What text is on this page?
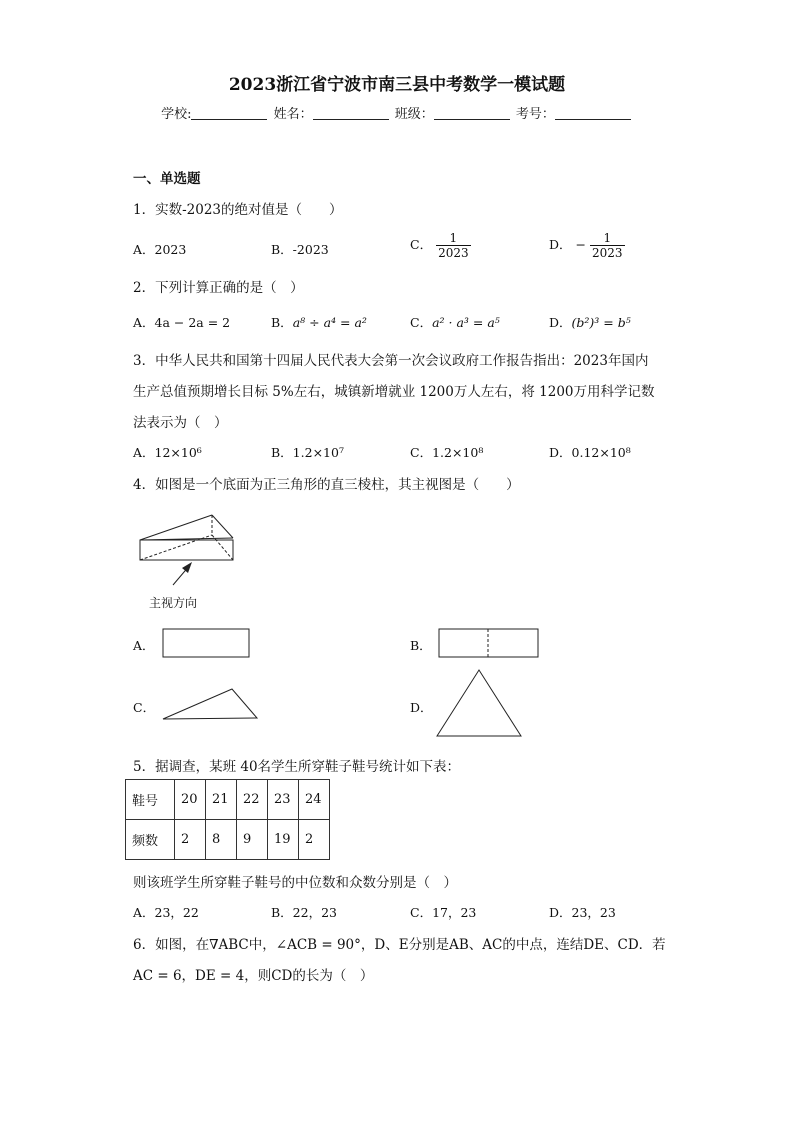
2023浙江省宁波市南三县中考数学一模试题
学校:	姓名：	班级：	考号：
一、单选题
1．实数-2023的绝对值是（　　）
A．2023	B．-2023	C． $\frac{1}{2023}$	D． − $\frac{1}{2023}$
2．下列计算正确的是（　）
A．4a − 2a = 2	B．a⁸ ÷ a⁴ = a²	C．a² · a³ = a⁵	D．(b²)³ = b⁵
3．中华人民共和国第十四届人民代表大会第一次会议政府工作报告指出：2023年国内
生产总值预期增长目标 5%左右，城镇新增就业 1200万人左右，将 1200万用科学记数
法表示为（　）
A．12×10⁶	B．1.2×10⁷	C．1.2×10⁸	D．0.12×10⁸
4．如图是一个底面为正三角形的直三棱柱，其主视图是（　　）
主视方向
A．	B．
C．	D．
5．据调查，某班 40名学生所穿鞋子鞋号统计如下表：
鞋号	20	21	22	23	24
频数	2	8	9	19	2
则该班学生所穿鞋子鞋号的中位数和众数分别是（　）
A．23，22	B．22，23	C．17，23	D．23，23
6．如图，在∇ABC中，∠ACB = 90°，D、E分别是AB、AC的中点，连结DE、CD．若
AC = 6，DE = 4，则CD的长为（　）
